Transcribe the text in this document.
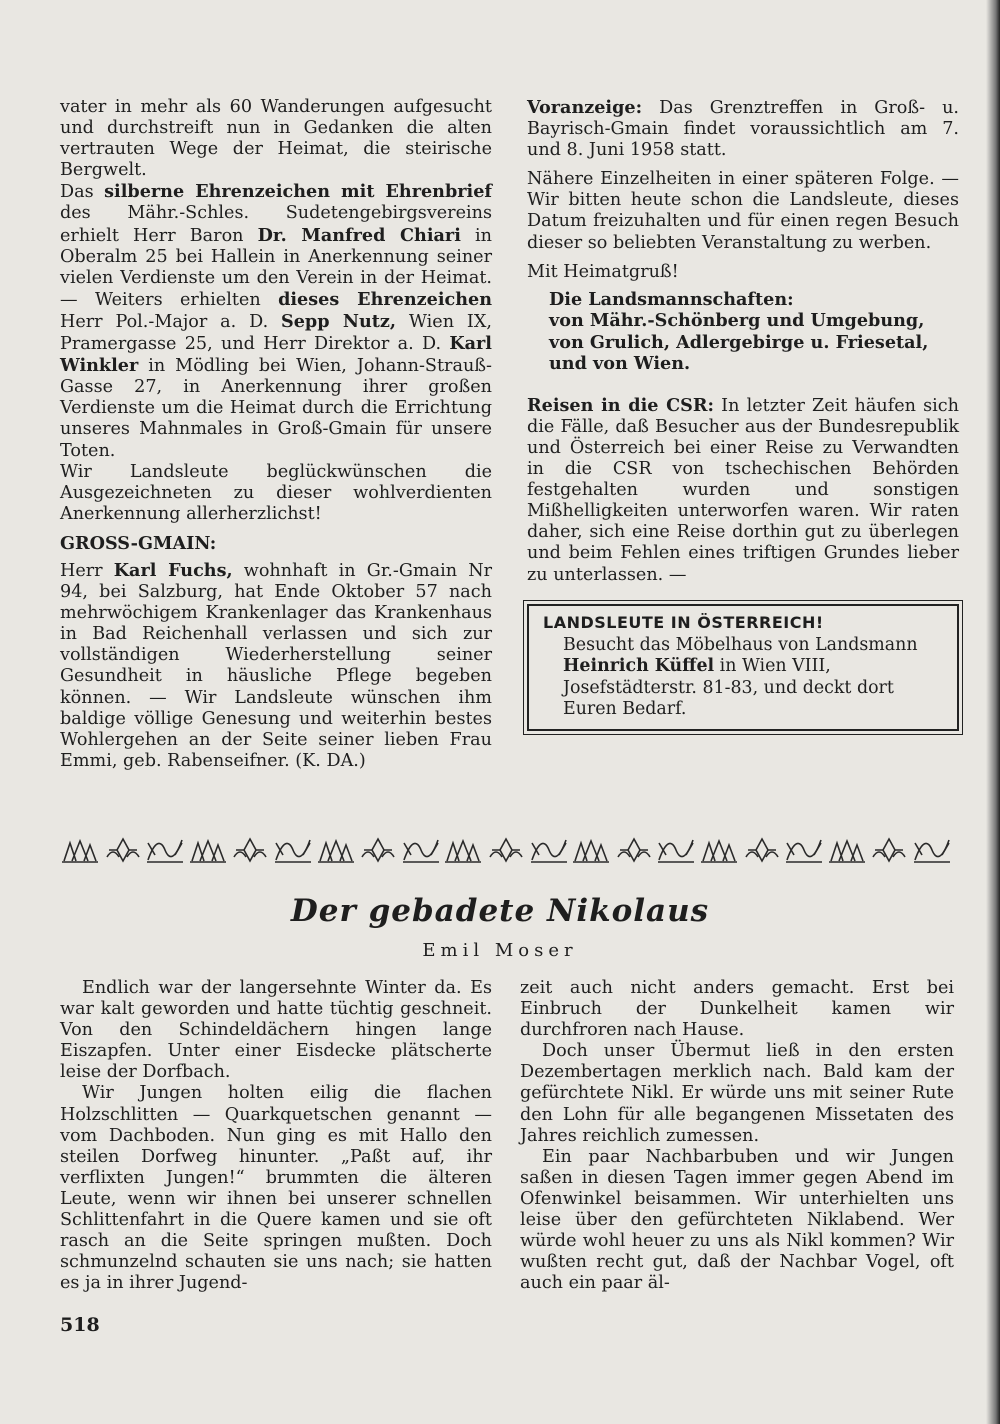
vater in mehr als 60 Wanderungen aufgesucht und durchstreift nun in Gedanken die alten vertrauten Wege der Heimat, die steirische Bergwelt.

Das silberne Ehrenzeichen mit Ehrenbrief des Mähr.-Schles. Sudetengebirgsvereins erhielt Herr Baron Dr. Manfred Chiari in Oberalm 25 bei Hallein in Anerkennung seiner vielen Verdienste um den Verein in der Heimat. — Weiters erhielten dieses Ehrenzeichen Herr Pol.-Major a. D. Sepp Nutz, Wien IX, Pramergasse 25, und Herr Direktor a. D. Karl Winkler in Mödling bei Wien, Johann-Strauß-Gasse 27, in Anerkennung ihrer großen Verdienste um die Heimat durch die Errichtung unseres Mahnmales in Groß-Gmain für unsere Toten.

Wir Landsleute beglückwünschen die Ausgezeichneten zu dieser wohlverdienten Anerkennung allerherzlichst!

GROSS-GMAIN:

Herr Karl Fuchs, wohnhaft in Gr.-Gmain Nr 94, bei Salzburg, hat Ende Oktober 57 nach mehrwöchigem Krankenlager das Krankenhaus in Bad Reichenhall verlassen und sich zur vollständigen Wiederherstellung seiner Gesundheit in häusliche Pflege begeben können. — Wir Landsleute wünschen ihm baldige völlige Genesung und weiterhin bestes Wohlergehen an der Seite seiner lieben Frau Emmi, geb. Rabenseifner. (K. DA.)

Voranzeige: Das Grenztreffen in Groß- u. Bayrisch-Gmain findet voraussichtlich am 7. und 8. Juni 1958 statt.

Nähere Einzelheiten in einer späteren Folge. — Wir bitten heute schon die Landsleute, dieses Datum freizuhalten und für einen regen Besuch dieser so beliebten Veranstaltung zu werben.

Mit Heimatgruß!

Die Landsmannschaften:
von Mähr.-Schönberg und Umgebung,
von Grulich, Adlergebirge u. Friesetal,
und von Wien.

Reisen in die CSR: In letzter Zeit häufen sich die Fälle, daß Besucher aus der Bundesrepublik und Österreich bei einer Reise zu Verwandten in die CSR von tschechischen Behörden festgehalten wurden und sonstigen Mißhelligkeiten unterworfen waren. Wir raten daher, sich eine Reise dorthin gut zu überlegen und beim Fehlen eines triftigen Grundes lieber zu unterlassen. —

LANDSLEUTE IN ÖSTERREICH!
Besucht das Möbelhaus von Landsmann Heinrich Küffel in Wien VIII, Josefstädterstr. 81-83, und deckt dort Euren Bedarf.
Der gebadete Nikolaus
Emil Moser

Endlich war der langersehnte Winter da. Es war kalt geworden und hatte tüchtig geschneit. Von den Schindeldächern hingen lange Eiszapfen. Unter einer Eisdecke plätscherte leise der Dorfbach.

Wir Jungen holten eilig die flachen Holzschlitten — Quarkquetschen genannt — vom Dachboden. Nun ging es mit Hallo den steilen Dorfweg hinunter. „Paßt auf, ihr verflixten Jungen!“ brummten die älteren Leute, wenn wir ihnen bei unserer schnellen Schlittenfahrt in die Quere kamen und sie oft rasch an die Seite springen mußten. Doch schmunzelnd schauten sie uns nach; sie hatten es ja in ihrer Jugend-

zeit auch nicht anders gemacht. Erst bei Einbruch der Dunkelheit kamen wir durchfroren nach Hause.

Doch unser Übermut ließ in den ersten Dezembertagen merklich nach. Bald kam der gefürchtete Nikl. Er würde uns mit seiner Rute den Lohn für alle begangenen Missetaten des Jahres reichlich zumessen.

Ein paar Nachbarbuben und wir Jungen saßen in diesen Tagen immer gegen Abend im Ofenwinkel beisammen. Wir unterhielten uns leise über den gefürchteten Niklabend. Wer würde wohl heuer zu uns als Nikl kommen? Wir wußten recht gut, daß der Nachbar Vogel, oft auch ein paar äl-

518
